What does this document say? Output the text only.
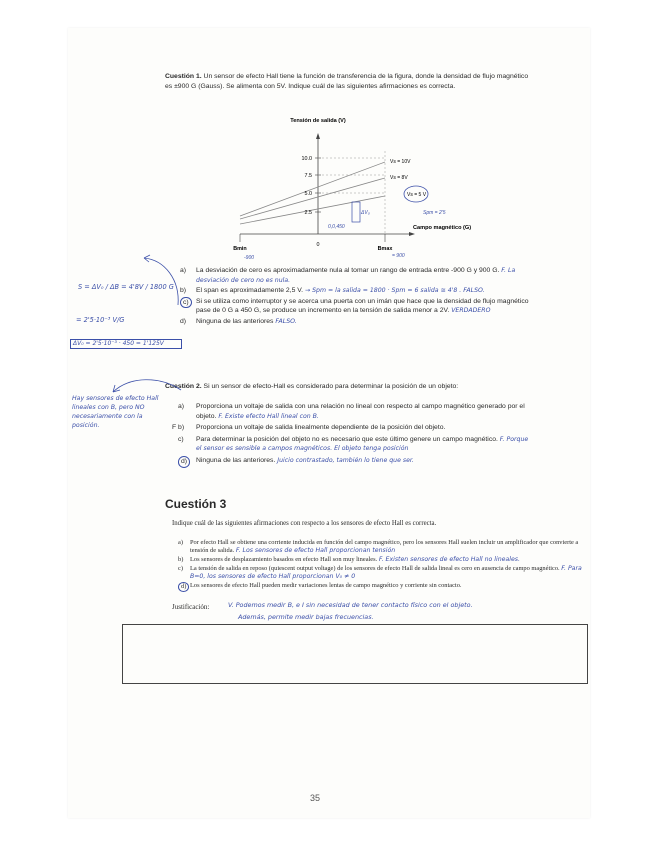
Cuestión 1. Un sensor de efecto Hall tiene la función de transferencia de la figura, donde la densidad de flujo magnético es ±900 G (Gauss). Se alimenta con 5V. Indique cuál de las siguientes afirmaciones es correcta.
Tensión de salida (V)
10.0
7.5
5.0
2.5
Vs = 10V
Vs = 8V
Vs = 5 V
0
Bmin	Bmax
Campo magnético (G)
ΔV₀	Spm = 2'5
0,0,450
-900	= 900
a)	La desviación de cero es aproximadamente nula al tomar un rango de entrada entre -900 G y 900 G. F. La desviación de cero no es nula.
b)	El span es aproximadamente 2,5 V. → Spm = la salida = 1800 · Spm = 6 salida ≅ 4'8 . FALSO.
c)	Si se utiliza como interruptor y se acerca una puerta con un imán que hace que la densidad de flujo magnético pase de 0 G a 450 G, se produce un incremento en la tensión de salida menor a 2V. VERDADERO
d)	Ninguna de las anteriores FALSO.
S = ΔV₀ / ΔB = 4'8V / 1800 G
= 2'5·10⁻³ V/G
ΔV₀ = 2'5·10⁻³ · 450 = 1'125V
Cuestión 2. Si un sensor de efecto-Hall es considerado para determinar la posición de un objeto:
a)	Proporciona un voltaje de salida con una relación no lineal con respecto al campo magnético generado por el objeto. F. Existe efecto Hall lineal con B.
F b)	Proporciona un voltaje de salida linealmente dependiente de la posición del objeto.
c)	Para determinar la posición del objeto no es necesario que este último genere un campo magnético. F. Porque el sensor es sensible a campos magnéticos. El objeto tenga posición
d)	Ninguna de las anteriores. Juicio contrastado, también lo tiene que ser.
Hay sensores de efecto Hall lineales con B, pero NO necesariamente con la posición.
Cuestión 3
Indique cuál de las siguientes afirmaciones con respecto a los sensores de efecto Hall es correcta.
a)	Por efecto Hall se obtiene una corriente inducida en función del campo magnético, pero los sensores Hall suelen incluir un amplificador que convierte a tensión de salida. F. Los sensores de efecto Hall proporcionan tensión
b)	Los sensores de desplazamiento basados en efecto Hall son muy lineales. F. Existen sensores de efecto Hall no lineales.
c)	La tensión de salida en reposo (quiescent output voltage) de los sensores de efecto Hall de salida lineal es cero en ausencia de campo magnético. F. Para B=0, los sensores de efecto Hall proporcionan V₀ ≠ 0
d) Los sensores de efecto Hall pueden medir variaciones lentas de campo magnético y corriente sin contacto.
Justificación:	V. Podemos medir B, e I sin necesidad de tener contacto físico con el objeto.
Además, permite medir bajas frecuencias.
35
